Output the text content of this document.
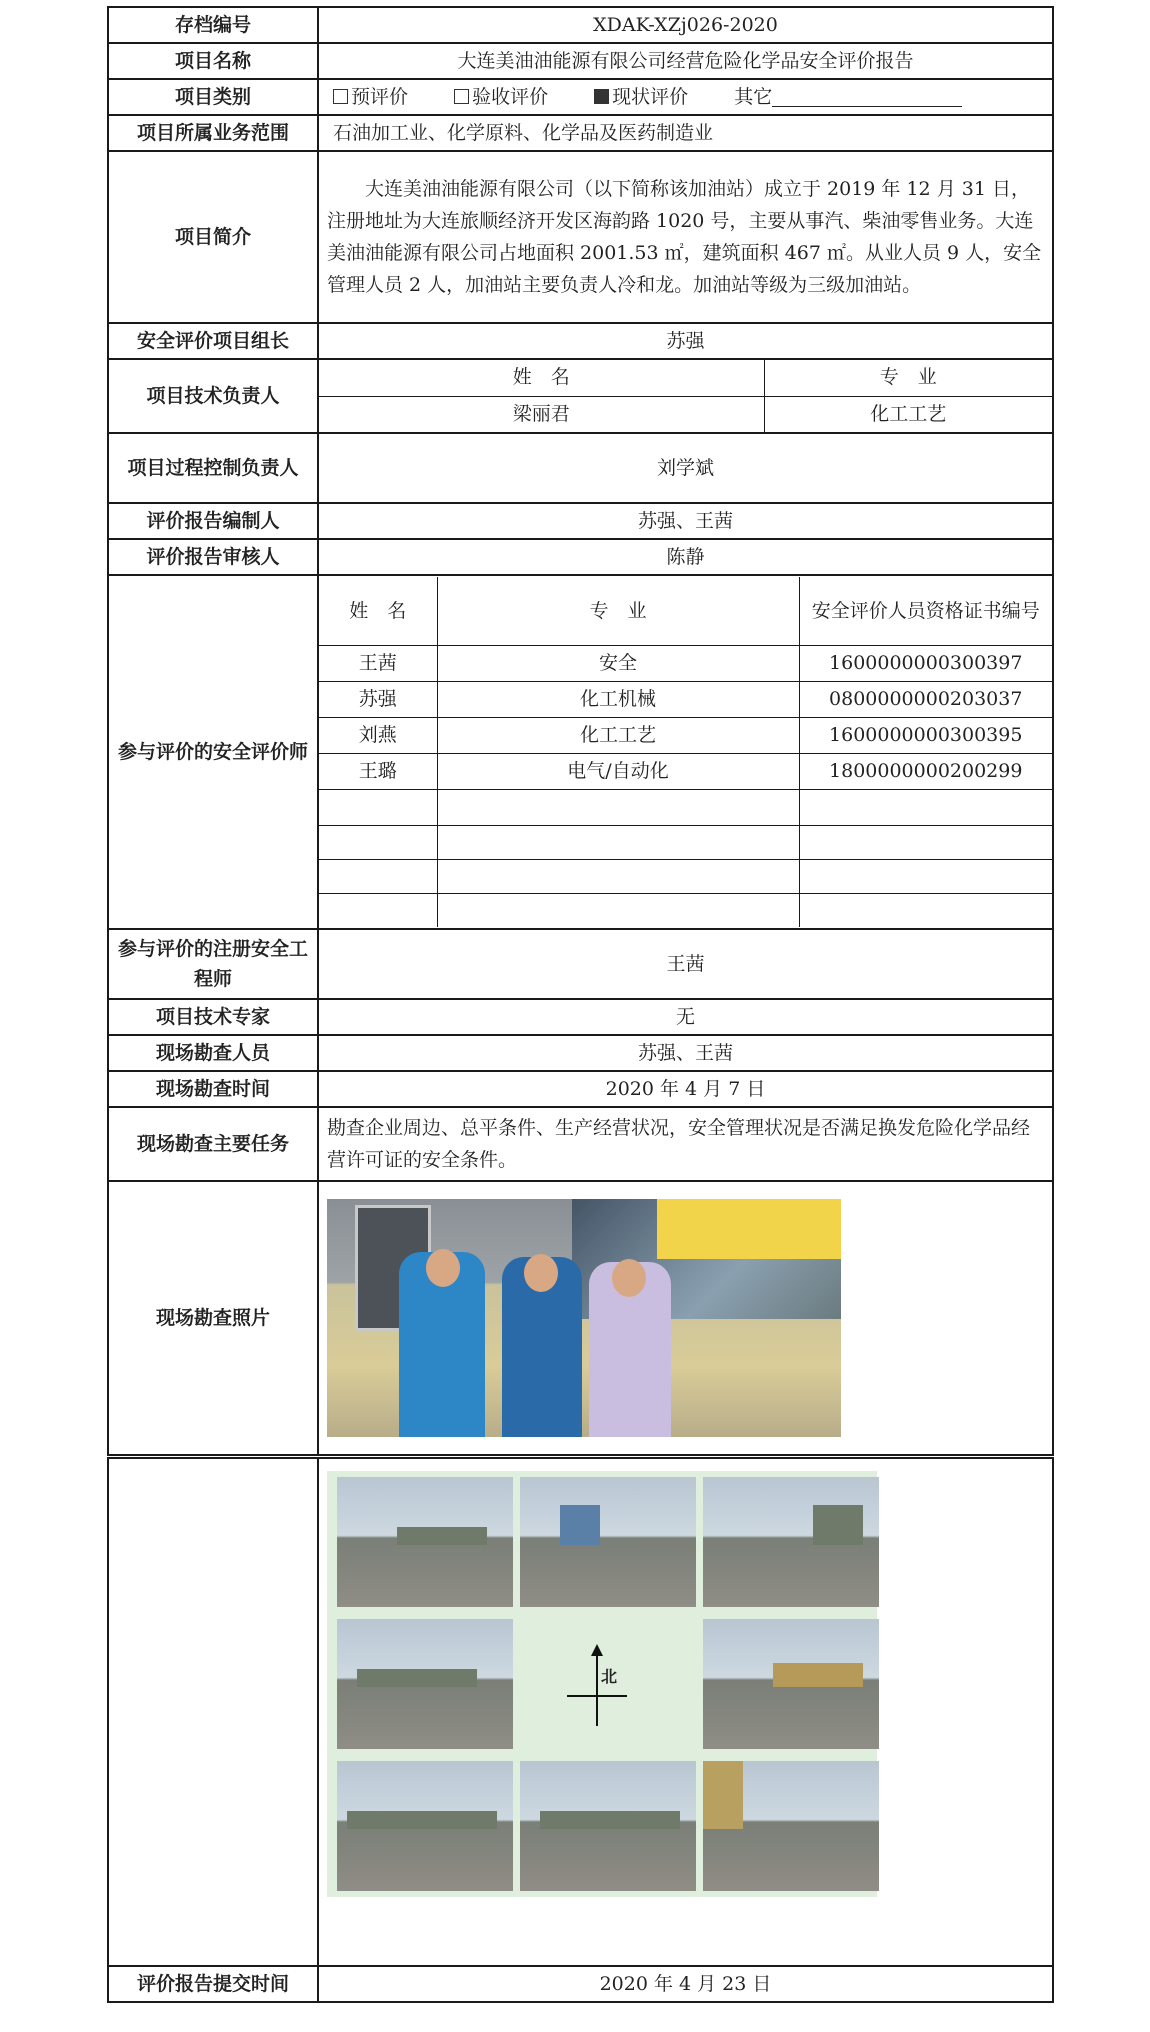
存档编号	XDAK-XZj026-2020
项目名称	大连美油油能源有限公司经营危险化学品安全评价报告
项目类别	预评价	验收评价	现状评价 其它
项目所属业务范围	石油加工业、化学原料、化学品及医药制造业
项目简介	大连美油油能源有限公司（以下简称该加油站）成立于 2019 年 12 月 31 日，注册地址为大连旅顺经济开发区海韵路 1020 号，主要从事汽、柴油零售业务。大连美油油能源有限公司占地面积 2001.53 ㎡，建筑面积 467 ㎡。从业人员 9 人，安全管理人员 2 人，加油站主要负责人冷和龙。加油站等级为三级加油站。
安全评价项目组长	苏强
项目技术负责人	
姓　名	专　业
梁丽君	化工工艺

项目过程控制负责人	刘学斌
评价报告编制人	苏强、王茜
评价报告审核人	陈静
参与评价的安全评价师	
姓　名	专　业	安全评价人员资格证书编号
王茜	安全	1600000000300397
苏强	化工机械	0800000000203037
刘燕	化工工艺	1600000000300395
王璐	电气/自动化	1800000000200299

参与评价的注册安全工程师	王茜
项目技术专家	无
现场勘查人员	苏强、王茜
现场勘查时间	2020 年 4 月 7 日
现场勘查主要任务	勘查企业周边、总平条件、生产经营状况，安全管理状况是否满足换发危险化学品经营许可证的安全条件。
现场勘查照片	

	北

评价报告提交时间	2020 年 4 月 23 日
